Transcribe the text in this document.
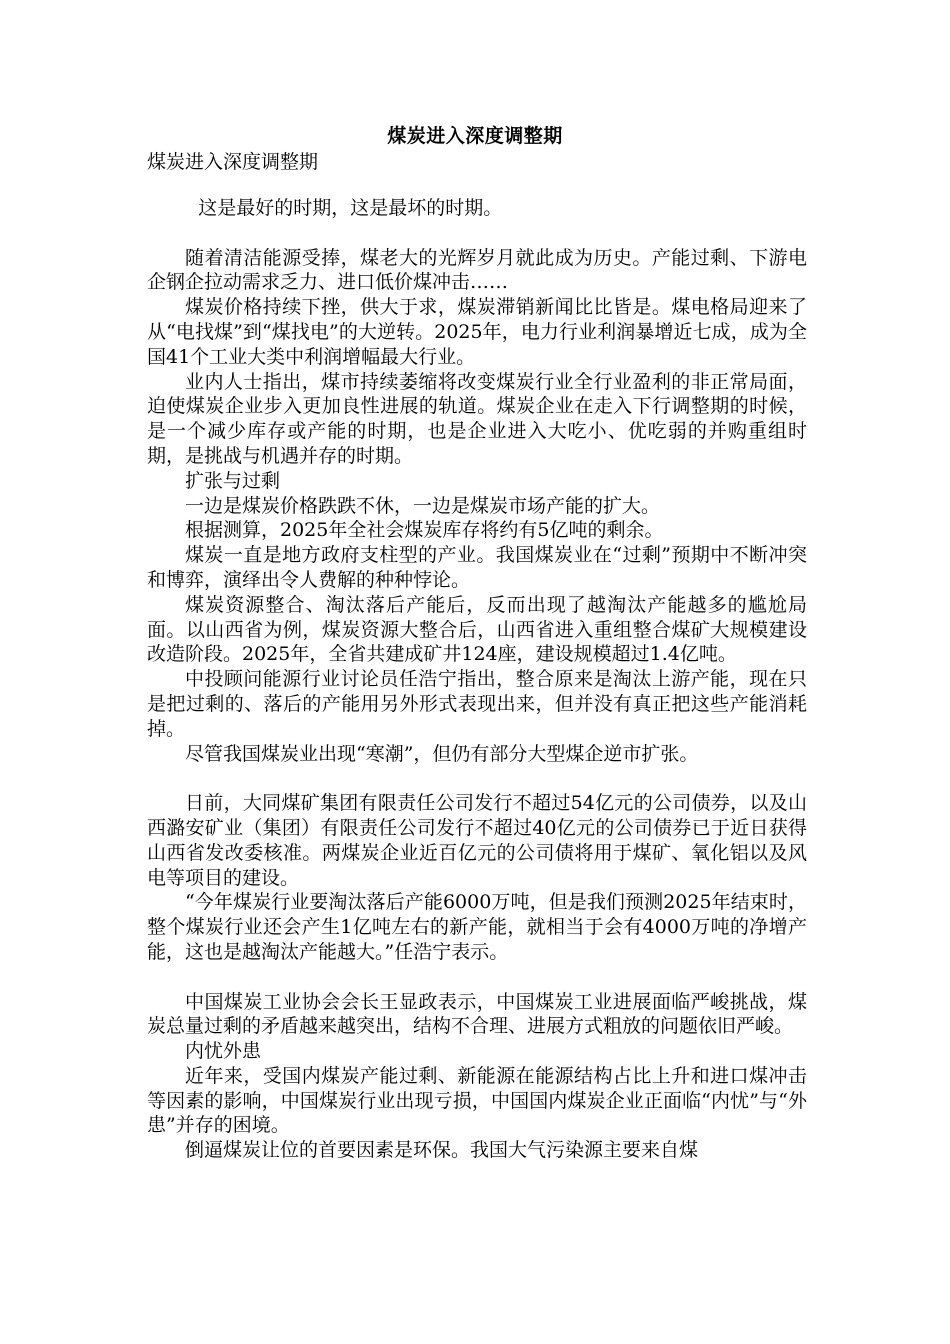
煤炭进入深度调整期
煤炭进入深度调整期

这是最好的时期，这是最坏的时期。

随着清洁能源受捧，煤老大的光辉岁月就此成为历史。产能过剩、下游电企钢企拉动需求乏力、进口低价煤冲击……

煤炭价格持续下挫，供大于求，煤炭滞销新闻比比皆是。煤电格局迎来了从“电找煤”到“煤找电”的大逆转。2025年，电力行业利润暴增近七成，成为全国41个工业大类中利润增幅最大行业。

业内人士指出，煤市持续萎缩将改变煤炭行业全行业盈利的非正常局面，迫使煤炭企业步入更加良性进展的轨道。煤炭企业在走入下行调整期的时候，是一个减少库存或产能的时期，也是企业进入大吃小、优吃弱的并购重组时期，是挑战与机遇并存的时期。

扩张与过剩

一边是煤炭价格跌跌不休，一边是煤炭市场产能的扩大。

根据测算，2025年全社会煤炭库存将约有5亿吨的剩余。

煤炭一直是地方政府支柱型的产业。我国煤炭业在“过剩”预期中不断冲突和博弈，演绎出令人费解的种种悖论。

煤炭资源整合、淘汰落后产能后，反而出现了越淘汰产能越多的尴尬局面。以山西省为例，煤炭资源大整合后，山西省进入重组整合煤矿大规模建设改造阶段。2025年，全省共建成矿井124座，建设规模超过1.4亿吨。

中投顾问能源行业讨论员任浩宁指出，整合原来是淘汰上游产能，现在只是把过剩的、落后的产能用另外形式表现出来，但并没有真正把这些产能消耗掉。

尽管我国煤炭业出现“寒潮”，但仍有部分大型煤企逆市扩张。

日前，大同煤矿集团有限责任公司发行不超过54亿元的公司债券，以及山西潞安矿业（集团）有限责任公司发行不超过40亿元的公司债券已于近日获得山西省发改委核准。两煤炭企业近百亿元的公司债将用于煤矿、氧化铝以及风电等项目的建设。

“今年煤炭行业要淘汰落后产能6000万吨，但是我们预测2025年结束时，整个煤炭行业还会产生1亿吨左右的新产能，就相当于会有4000万吨的净增产能，这也是越淘汰产能越大。”任浩宁表示。

中国煤炭工业协会会长王显政表示，中国煤炭工业进展面临严峻挑战，煤炭总量过剩的矛盾越来越突出，结构不合理、进展方式粗放的问题依旧严峻。

内忧外患

近年来，受国内煤炭产能过剩、新能源在能源结构占比上升和进口煤冲击等因素的影响，中国煤炭行业出现亏损，中国国内煤炭企业正面临“内忧”与“外患”并存的困境。

倒逼煤炭让位的首要因素是环保。我国大气污染源主要来自煤
